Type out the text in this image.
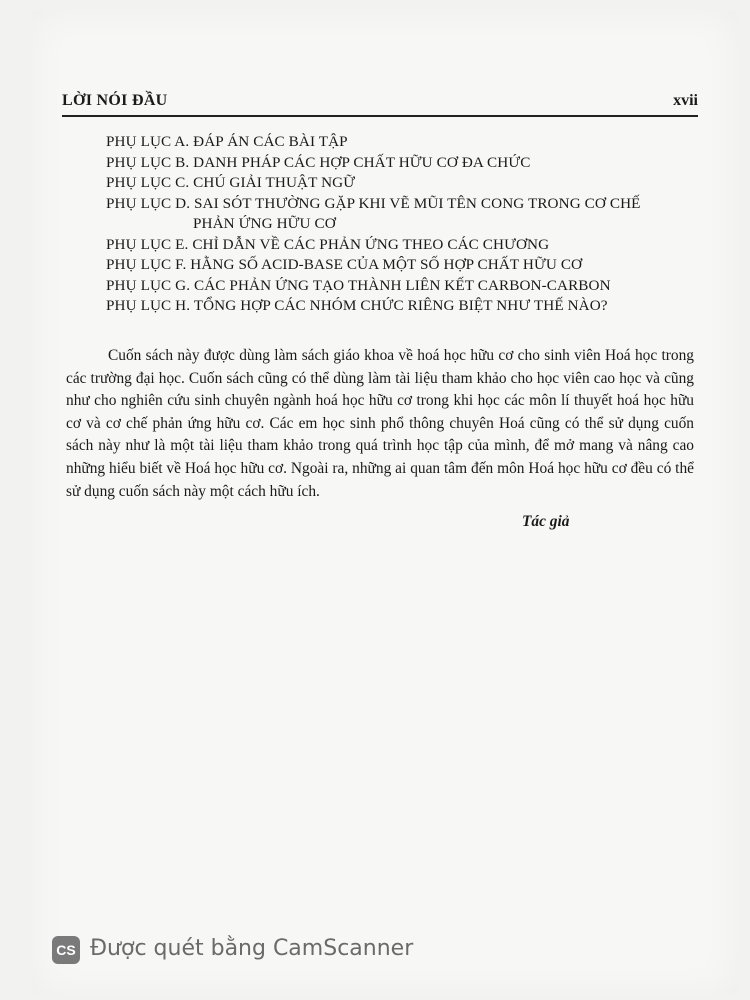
LỜI NÓI ĐẦU	xvii
PHỤ LỤC A. ĐÁP ÁN CÁC BÀI TẬP
PHỤ LỤC B. DANH PHÁP CÁC HỢP CHẤT HỮU CƠ ĐA CHỨC
PHỤ LỤC C. CHÚ GIẢI THUẬT NGỮ
PHỤ LỤC D. SAI SÓT THƯỜNG GẶP KHI VẼ MŨI TÊN CONG TRONG CƠ CHẾ
PHẢN ỨNG HỮU CƠ
PHỤ LỤC E. CHỈ DẪN VỀ CÁC PHẢN ỨNG THEO CÁC CHƯƠNG
PHỤ LỤC F. HẰNG SỐ ACID-BASE CỦA MỘT SỐ HỢP CHẤT HỮU CƠ
PHỤ LỤC G. CÁC PHẢN ỨNG TẠO THÀNH LIÊN KẾT CARBON-CARBON
PHỤ LỤC H. TỔNG HỢP CÁC NHÓM CHỨC RIÊNG BIỆT NHƯ THẾ NÀO?

Cuốn sách này được dùng làm sách giáo khoa về hoá học hữu cơ cho sinh viên Hoá học trong các trường đại học. Cuốn sách cũng có thể dùng làm tài liệu tham khảo cho học viên cao học và cũng như cho nghiên cứu sinh chuyên ngành hoá học hữu cơ trong khi học các môn lí thuyết hoá học hữu cơ và cơ chế phản ứng hữu cơ. Các em học sinh phổ thông chuyên Hoá cũng có thể sử dụng cuốn sách này như là một tài liệu tham khảo trong quá trình học tập của mình, để mở mang và nâng cao những hiểu biết về Hoá học hữu cơ. Ngoài ra, những ai quan tâm đến môn Hoá học hữu cơ đều có thể sử dụng cuốn sách này một cách hữu ích.

Tác giả
CS Được quét bằng CamScanner
